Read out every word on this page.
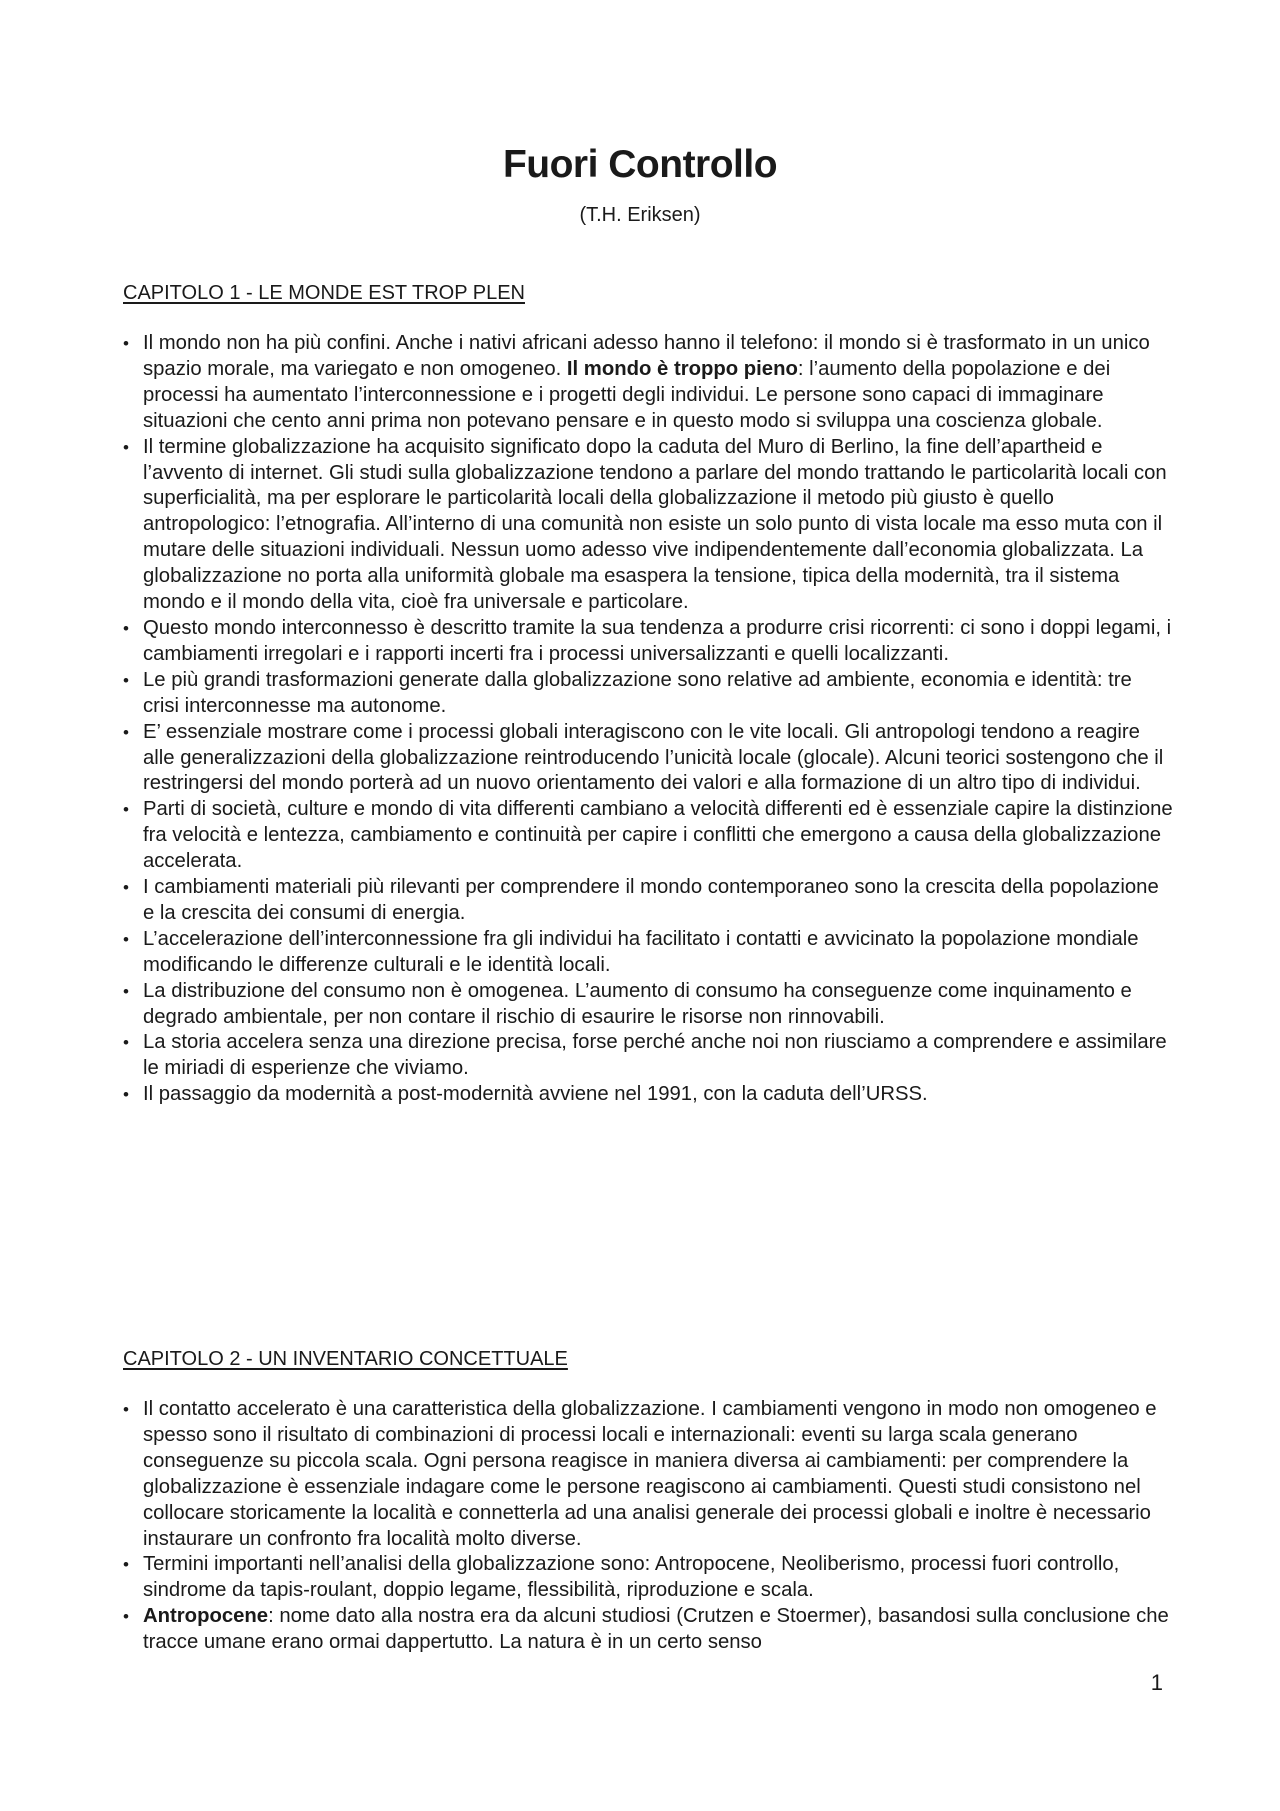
Fuori Controllo

(T.H. Eriksen)

CAPITOLO 1 - LE MONDE EST TROP PLEN

• Il mondo non ha più confini. Anche i nativi africani adesso hanno il telefono: il mondo si è trasformato in un unico spazio morale, ma variegato e non omogeneo. Il mondo è troppo pieno: l’aumento della popolazione e dei processi ha aumentato l’interconnessione e i progetti degli individui. Le persone sono capaci di immaginare situazioni che cento anni prima non potevano pensare e in questo modo si sviluppa una coscienza globale.
• Il termine globalizzazione ha acquisito significato dopo la caduta del Muro di Berlino, la fine dell’apartheid e l’avvento di internet. Gli studi sulla globalizzazione tendono a parlare del mondo trattando le particolarità locali con superficialità, ma per esplorare le particolarità locali della globalizzazione il metodo più giusto è quello antropologico: l’etnografia. All’interno di una comunità non esiste un solo punto di vista locale ma esso muta con il mutare delle situazioni individuali. Nessun uomo adesso vive indipendentemente dall’economia globalizzata. La globalizzazione no porta alla uniformità globale ma esaspera la tensione, tipica della modernità, tra il sistema mondo e il mondo della vita, cioè fra universale e particolare.
• Questo mondo interconnesso è descritto tramite la sua tendenza a produrre crisi ricorrenti: ci sono i doppi legami, i cambiamenti irregolari e i rapporti incerti fra i processi universalizzanti e quelli localizzanti.
• Le più grandi trasformazioni generate dalla globalizzazione sono relative ad ambiente, economia e identità: tre crisi interconnesse ma autonome.
• E’ essenziale mostrare come i processi globali interagiscono con le vite locali. Gli antropologi tendono a reagire alle generalizzazioni della globalizzazione reintroducendo l’unicità locale (glocale). Alcuni teorici sostengono che il restringersi del mondo porterà ad un nuovo orientamento dei valori e alla formazione di un altro tipo di individui.
• Parti di società, culture e mondo di vita differenti cambiano a velocità differenti ed è essenziale capire la distinzione fra velocità e lentezza, cambiamento e continuità per capire i conflitti che emergono a causa della globalizzazione accelerata.
• I cambiamenti materiali più rilevanti per comprendere il mondo contemporaneo sono la crescita della popolazione e la crescita dei consumi di energia.
• L’accelerazione dell’interconnessione fra gli individui ha facilitato i contatti e avvicinato la popolazione mondiale modificando le differenze culturali e le identità locali.
• La distribuzione del consumo non è omogenea. L’aumento di consumo ha conseguenze come inquinamento e degrado ambientale, per non contare il rischio di esaurire le risorse non rinnovabili.
• La storia accelera senza una direzione precisa, forse perché anche noi non riusciamo a comprendere e assimilare le miriadi di esperienze che viviamo.
• Il passaggio da modernità a post-modernità avviene nel 1991, con la caduta dell’URSS.

CAPITOLO 2 - UN INVENTARIO CONCETTUALE

• Il contatto accelerato è una caratteristica della globalizzazione. I cambiamenti vengono in modo non omogeneo e spesso sono il risultato di combinazioni di processi locali e internazionali: eventi su larga scala generano conseguenze su piccola scala. Ogni persona reagisce in maniera diversa ai cambiamenti: per comprendere la globalizzazione è essenziale indagare come le persone reagiscono ai cambiamenti. Questi studi consistono nel collocare storicamente la località e connetterla ad una analisi generale dei processi globali e inoltre è necessario instaurare un confronto fra località molto diverse.
• Termini importanti nell’analisi della globalizzazione sono: Antropocene, Neoliberismo, processi fuori controllo, sindrome da tapis-roulant, doppio legame, flessibilità, riproduzione e scala.
• Antropocene: nome dato alla nostra era da alcuni studiosi (Crutzen e Stoermer), basandosi sulla conclusione che tracce umane erano ormai dappertutto. La natura è in un certo senso
1
